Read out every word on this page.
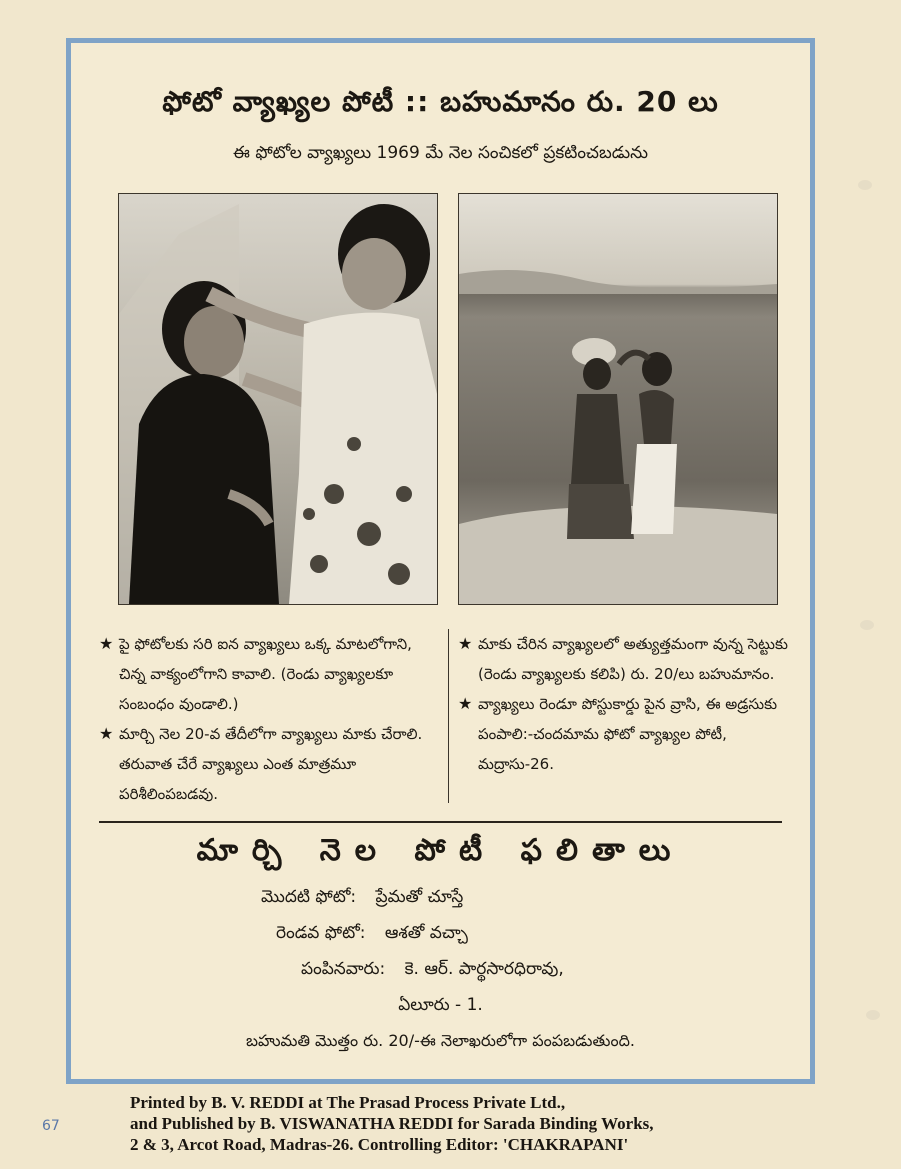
ఫోటో వ్యాఖ్యల పోటీ :: బహుమానం రు. 20 లు
ఈ ఫోటోల వ్యాఖ్యలు 1969 మే నెల సంచికలో ప్రకటించబడును
★ పై ఫోటోలకు సరి ఐన వ్యాఖ్యలు ఒక్క మాటలోగాని, చిన్న వాక్యంలోగాని కావాలి. (రెండు వ్యాఖ్యలకూ సంబంధం వుండాలి.)
★ మార్చి నెల 20-వ తేదీలోగా వ్యాఖ్యలు మాకు చేరాలి. తరువాత చేరే వ్యాఖ్యలు ఎంత మాత్రమూ పరిశీలింపబడవు.
★ మాకు చేరిన వ్యాఖ్యలలో అత్యుత్తమంగా వున్న సెట్టుకు (రెండు వ్యాఖ్యలకు కలిపి) రు. 20/లు బహుమానం.
★ వ్యాఖ్యలు రెండూ పోస్టుకార్డు పైన వ్రాసి, ఈ అడ్రసుకు పంపాలి:-చందమామ ఫోటో వ్యాఖ్యల పోటీ, మద్రాసు-26.
మార్చి నెల పోటీ ఫలితాలు
మొదటి ఫోటో: ప్రేమతో చూస్తే
రెండవ ఫోటో: ఆశతో వచ్చా
పంపినవారు: కె. ఆర్. పార్థసారధిరావు,
ఏలూరు - 1.
బహుమతి మొత్తం రు. 20/-ఈ నెలాఖరులోగా పంపబడుతుంది.
Printed by B. V. REDDI at The Prasad Process Private Ltd.,
and Published by B. VISWANATHA REDDI for Sarada Binding Works,
2 & 3, Arcot Road, Madras-26. Controlling Editor: 'CHAKRAPANI'
67
